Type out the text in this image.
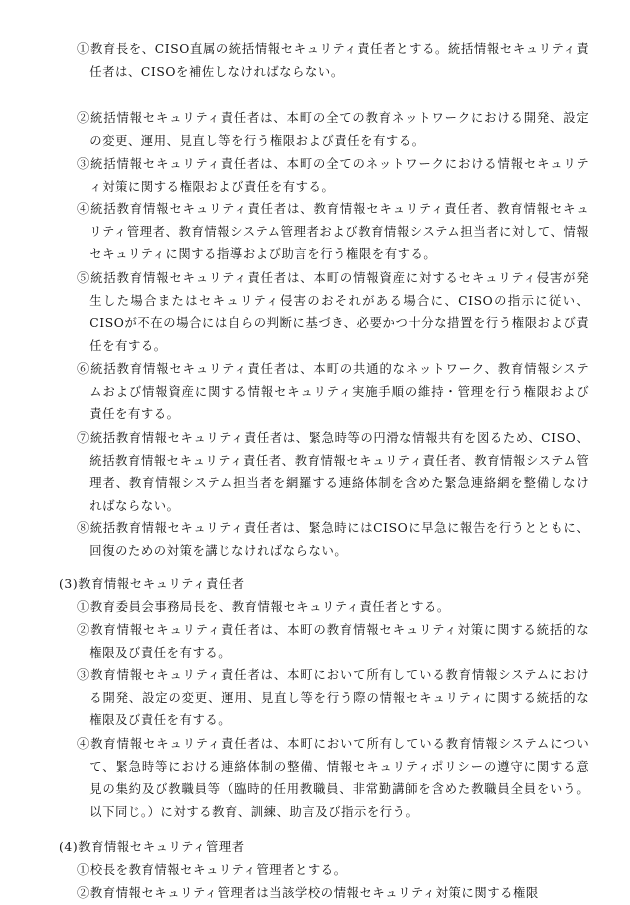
①教育長を、CISO直属の統括情報セキュリティ責任者とする。統括情報セキュリティ責任者は、CISOを補佐しなければならない。
②統括情報セキュリティ責任者は、本町の全ての教育ネットワークにおける開発、設定の変更、運用、見直し等を行う権限および責任を有する。
③統括情報セキュリティ責任者は、本町の全てのネットワークにおける情報セキュリティ対策に関する権限および責任を有する。
④統括教育情報セキュリティ責任者は、教育情報セキュリティ責任者、教育情報セキュリティ管理者、教育情報システム管理者および教育情報システム担当者に対して、情報セキュリティに関する指導および助言を行う権限を有する。
⑤統括教育情報セキュリティ責任者は、本町の情報資産に対するセキュリティ侵害が発生した場合またはセキュリティ侵害のおそれがある場合に、CISOの指示に従い、CISOが不在の場合には自らの判断に基づき、必要かつ十分な措置を行う権限および責任を有する。
⑥統括教育情報セキュリティ責任者は、本町の共通的なネットワーク、教育情報システムおよび情報資産に関する情報セキュリティ実施手順の維持・管理を行う権限および責任を有する。
⑦統括教育情報セキュリティ責任者は、緊急時等の円滑な情報共有を図るため、CISO、統括教育情報セキュリティ責任者、教育情報セキュリティ責任者、教育情報システム管理者、教育情報システム担当者を網羅する連絡体制を含めた緊急連絡網を整備しなければならない。
⑧統括教育情報セキュリティ責任者は、緊急時にはCISOに早急に報告を行うとともに、回復のための対策を講じなければならない。
(3)教育情報セキュリティ責任者
①教育委員会事務局長を、教育情報セキュリティ責任者とする。
②教育情報セキュリティ責任者は、本町の教育情報セキュリティ対策に関する統括的な権限及び責任を有する。
③教育情報セキュリティ責任者は、本町において所有している教育情報システムにおける開発、設定の変更、運用、見直し等を行う際の情報セキュリティに関する統括的な権限及び責任を有する。
④教育情報セキュリティ責任者は、本町において所有している教育情報システムについて、緊急時等における連絡体制の整備、情報セキュリティポリシーの遵守に関する意見の集約及び教職員等（臨時的任用教職員、非常勤講師を含めた教職員全員をいう。以下同じ。）に対する教育、訓練、助言及び指示を行う。
(4)教育情報セキュリティ管理者
①校長を教育情報セキュリティ管理者とする。
②教育情報セキュリティ管理者は当該学校の情報セキュリティ対策に関する権限
